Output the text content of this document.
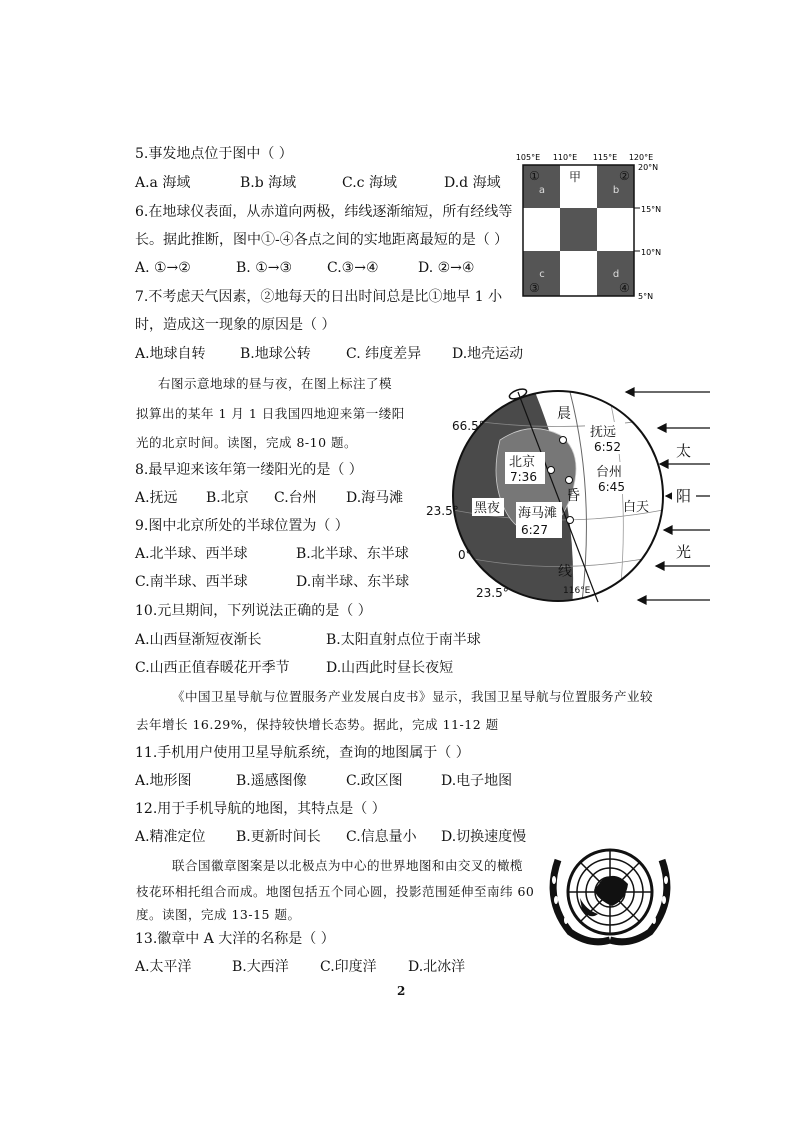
5.事发地点位于图中（ ）
A.a 海域	B.b 海域	C.c 海域	D.d 海域
6.在地球仪表面，从赤道向两极，纬线逐渐缩短，所有经线等
长。据此推断，图中①-④各点之间的实地距离最短的是（ ）
A. ①→②	B. ①→③ C.③→④	D. ②→④
7.不考虑天气因素，②地每天的日出时间总是比①地早 1 小
时，造成这一现象的原因是（ ）
A.地球自转 B.地球公转	C. 纬度差异 D.地壳运动
右图示意地球的昼与夜，在图上标注了模
拟算出的某年 1 月 1 日我国四地迎来第一缕阳
光的北京时间。读图，完成 8-10 题。
8.最早迎来该年第一缕阳光的是（ ）
A.抚远 B.北京 C.台州 D.海马滩
9.图中北京所处的半球位置为（ ）
A.北半球、西半球	B.北半球、东半球
C.南半球、西半球	D.南半球、东半球
10.元旦期间，下列说法正确的是（ ）
A.山西昼渐短夜渐长	B.太阳直射点位于南半球
C.山西正值春暖花开季节	D.山西此时昼长夜短
《中国卫星导航与位置服务产业发展白皮书》显示，我国卫星导航与位置服务产业较
去年增长 16.29%，保持较快增长态势。据此，完成 11-12 题
11.手机用户使用卫星导航系统，查询的地图属于（ ）
A.地形图	B.遥感图像	C.政区图	D.电子地图
12.用于手机导航的地图，其特点是（ ）
A.精准定位 B.更新时间长 C.信息量小 D.切换速度慢
联合国徽章图案是以北极点为中心的世界地图和由交叉的橄榄
枝花环相托组合而成。地图包括五个同心圆，投影范围延伸至南纬 60
度。读图，完成 13-15 题。
13.徽章中 A 大洋的名称是（ ）
A.太平洋	B.大西洋 C.印度洋 D.北冰洋
2
105°E 110°E 115°E 120°E
20°N
15°N
10°N
5°N
a	b
c	d
①	②
③	④
甲
66.5°
23.5°
0°
23.5°	116°E
抚远
6:52
北京
7:36	台州
6:45
海马滩
6:27
黑夜	白天
晨
昏
线
太
阳
光
